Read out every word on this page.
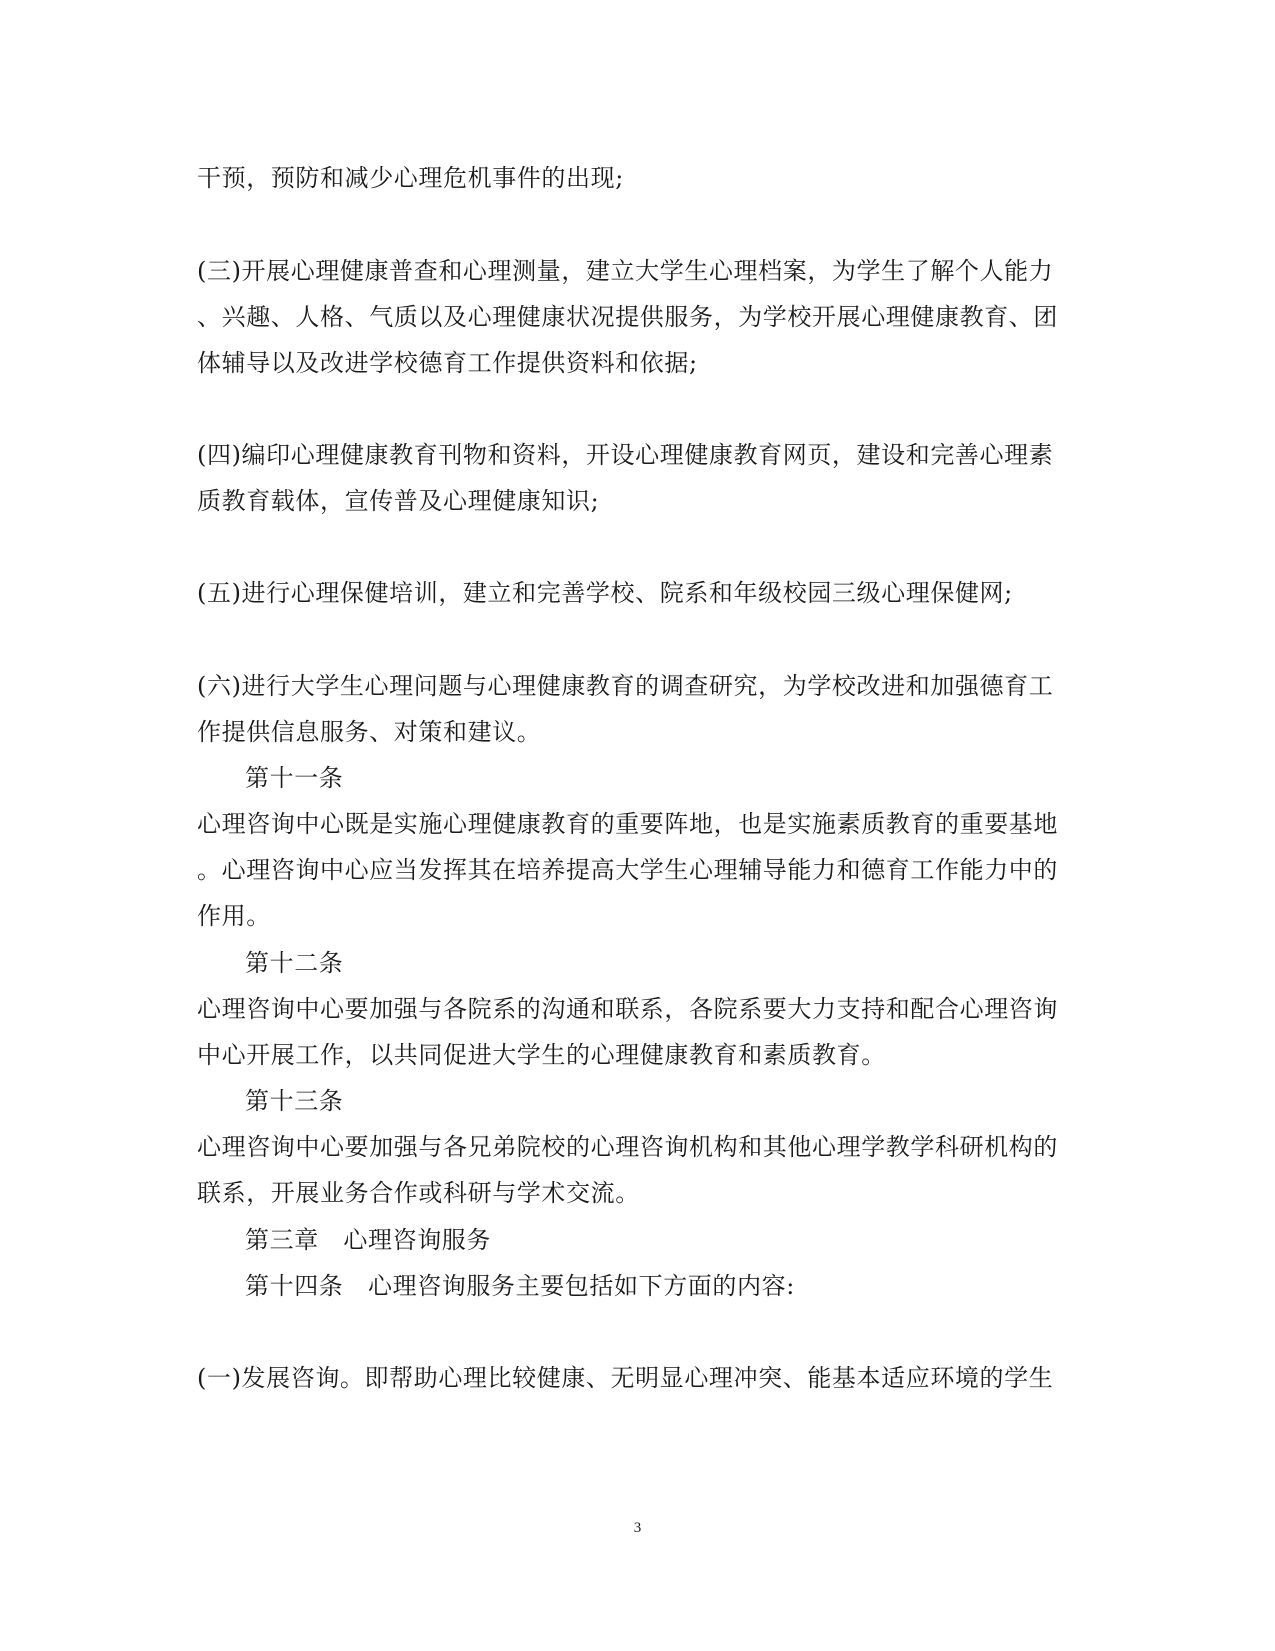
干预，预防和减少心理危机事件的出现;

(三)开展心理健康普查和心理测量，建立大学生心理档案，为学生了解个人能力

、兴趣、人格、气质以及心理健康状况提供服务，为学校开展心理健康教育、团

体辅导以及改进学校德育工作提供资料和依据;

(四)编印心理健康教育刊物和资料，开设心理健康教育网页，建设和完善心理素

质教育载体，宣传普及心理健康知识;

(五)进行心理保健培训，建立和完善学校、院系和年级校园三级心理保健网;

(六)进行大学生心理问题与心理健康教育的调查研究，为学校改进和加强德育工

作提供信息服务、对策和建议。

第十一条

心理咨询中心既是实施心理健康教育的重要阵地，也是实施素质教育的重要基地

。心理咨询中心应当发挥其在培养提高大学生心理辅导能力和德育工作能力中的

作用。

第十二条

心理咨询中心要加强与各院系的沟通和联系，各院系要大力支持和配合心理咨询

中心开展工作，以共同促进大学生的心理健康教育和素质教育。

第十三条

心理咨询中心要加强与各兄弟院校的心理咨询机构和其他心理学教学科研机构的

联系，开展业务合作或科研与学术交流。

第三章　心理咨询服务

第十四条　心理咨询服务主要包括如下方面的内容:

(一)发展咨询。即帮助心理比较健康、无明显心理冲突、能基本适应环境的学生

3
